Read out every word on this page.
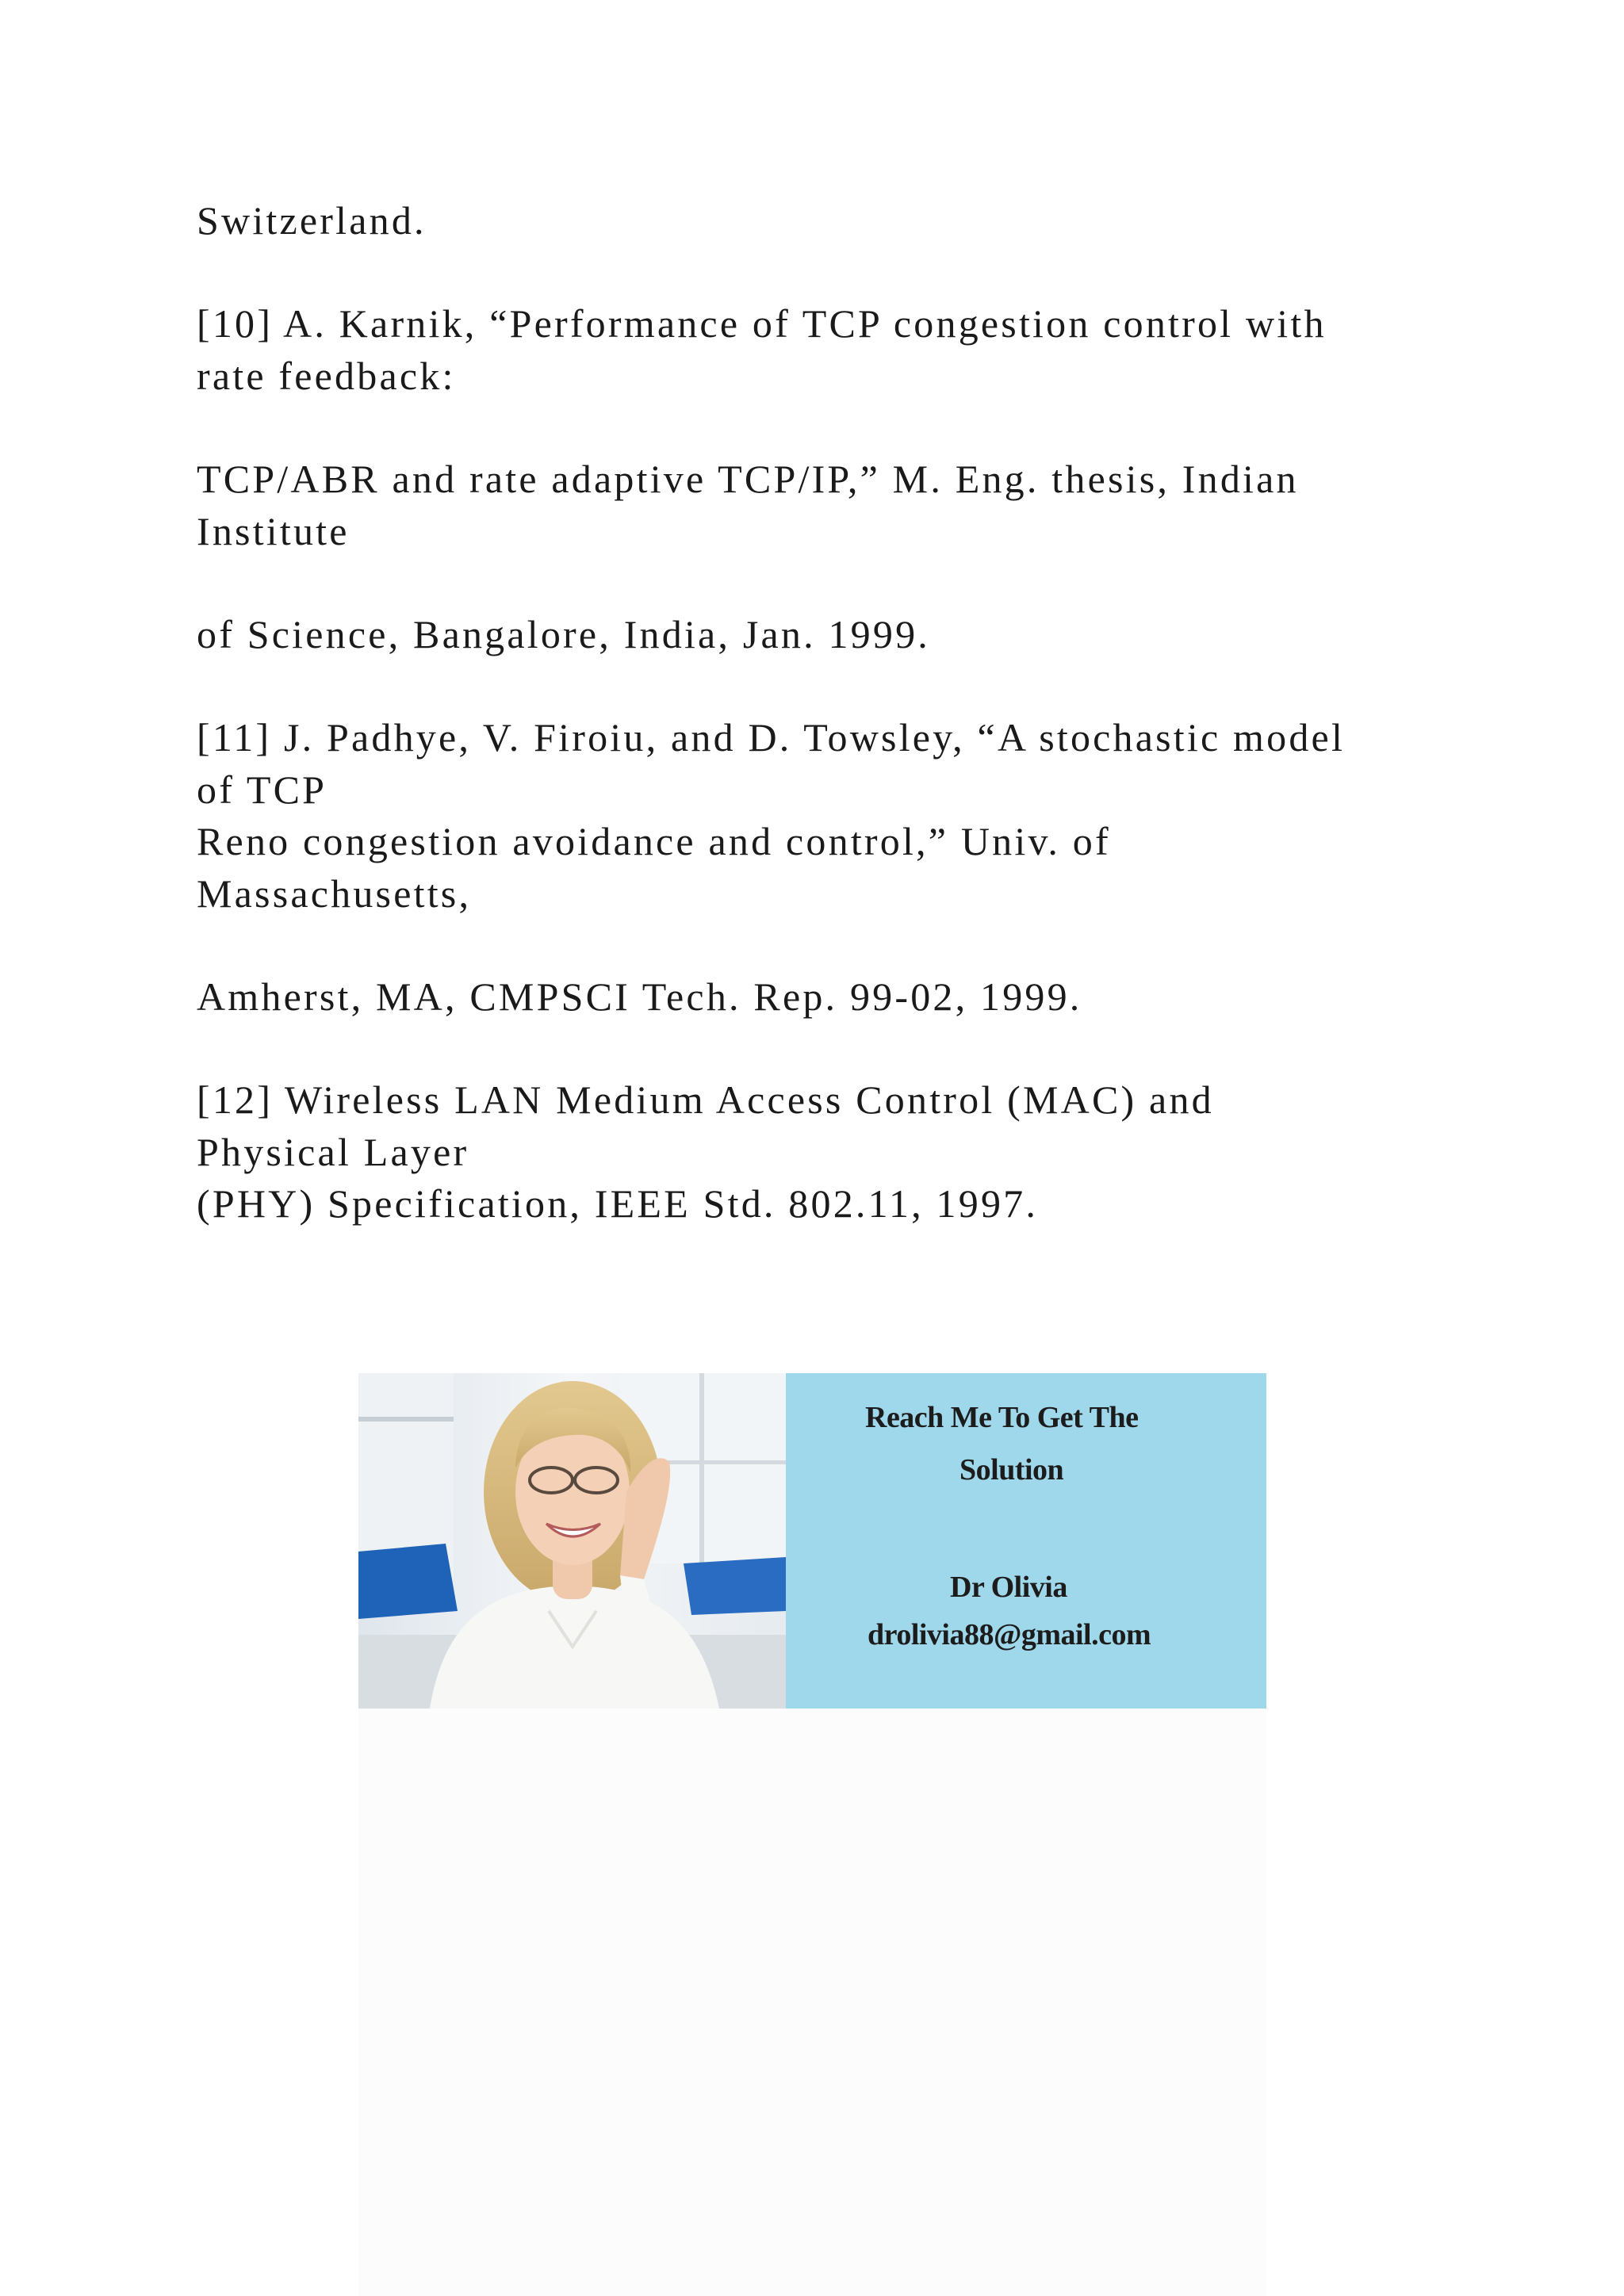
Switzerland.
[10] A. Karnik, “Performance of TCP congestion control with
rate feedback:
TCP/ABR and rate adaptive TCP/IP,” M. Eng. thesis, Indian
Institute
of Science, Bangalore, India, Jan. 1999.
[11] J. Padhye, V. Firoiu, and D. Towsley, “A stochastic model
of TCP
Reno congestion avoidance and control,” Univ. of
Massachusetts,
Amherst, MA, CMPSCI Tech. Rep. 99-02, 1999.
[12] Wireless LAN Medium Access Control (MAC) and
Physical Layer
(PHY) Specification, IEEE Std. 802.11, 1997.
Reach Me To Get The
Solution
Dr Olivia
drolivia88@gmail.com
